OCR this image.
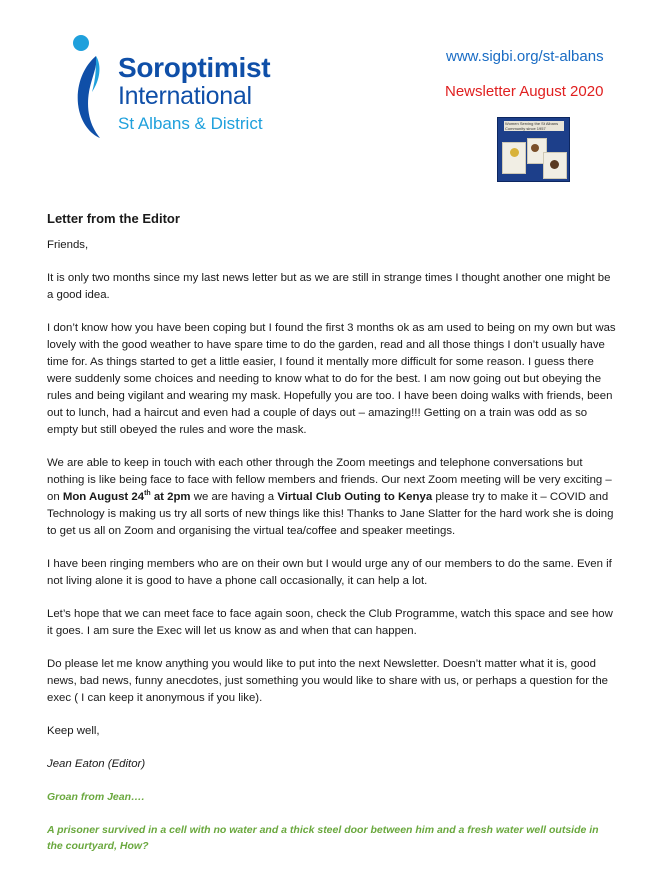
Soroptimist
International
St Albans & District
www.sigbi.org/st-albans
Newsletter August 2020
Women Serving the St Albans Community since 1957
Letter from the Editor

Friends,

It is only two months since my last news letter but as we are still in strange times I thought another one might be a good idea.

I don’t know how you have been coping but I found the first 3 months ok as am used to being on my own but was lovely with the good weather to have spare time to do the garden, read and all those things I don’t usually have time for. As things started to get a little easier, I found it mentally more difficult for some reason. I guess there were suddenly some choices and needing to know what to do for the best. I am now going out but obeying the rules and being vigilant and wearing my mask. Hopefully you are too. I have been doing walks with friends, been out to lunch, had a haircut and even had a couple of days out – amazing!!! Getting on a train was odd as so empty but still obeyed the rules and wore the mask.

We are able to keep in touch with each other through the Zoom meetings and telephone conversations but nothing is like being face to face with fellow members and friends. Our next Zoom meeting will be very exciting – on Mon August 24th at 2pm we are having a Virtual Club Outing to Kenya please try to make it – COVID and Technology is making us try all sorts of new things like this! Thanks to Jane Slatter for the hard work she is doing to get us all on Zoom and organising the virtual tea/coffee and speaker meetings.

I have been ringing members who are on their own but I would urge any of our members to do the same. Even if not living alone it is good to have a phone call occasionally, it can help a lot.

Let’s hope that we can meet face to face again soon, check the Club Programme, watch this space and see how it goes. I am sure the Exec will let us know as and when that can happen.

Do please let me know anything you would like to put into the next Newsletter. Doesn’t matter what it is, good news, bad news, funny anecdotes, just something you would like to share with us, or perhaps a question for the exec ( I can keep it anonymous if you like).

Keep well,

Jean Eaton (Editor)

Groan from Jean….

A prisoner survived in a cell with no water and a thick steel door between him and a fresh water well outside in the courtyard, How?
